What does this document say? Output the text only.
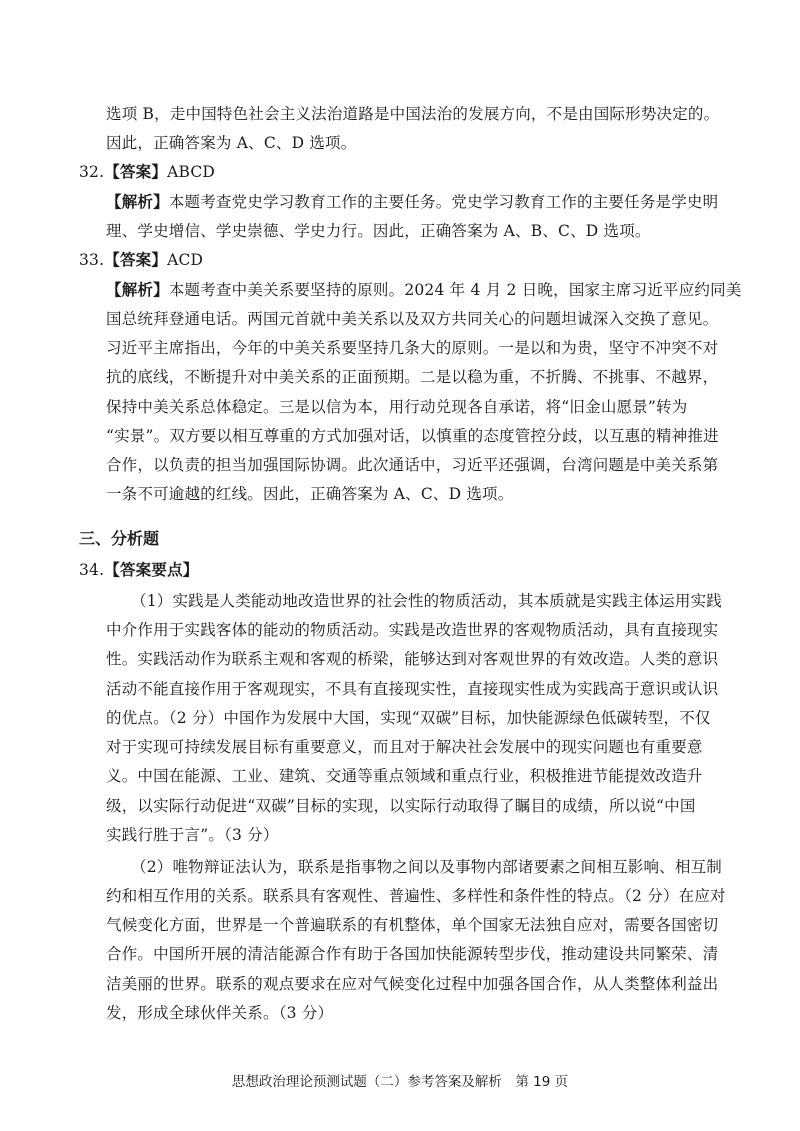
选项 B，走中国特色社会主义法治道路是中国法治的发展方向，不是由国际形势决定的。
因此，正确答案为 A、C、D 选项。
32.【答案】ABCD
【解析】本题考查党史学习教育工作的主要任务。党史学习教育工作的主要任务是学史明
理、学史增信、学史崇德、学史力行。因此，正确答案为 A、B、C、D 选项。
33.【答案】ACD
【解析】本题考查中美关系要坚持的原则。2024 年 4 月 2 日晚，国家主席习近平应约同美
国总统拜登通电话。两国元首就中美关系以及双方共同关心的问题坦诚深入交换了意见。
习近平主席指出，今年的中美关系要坚持几条大的原则。一是以和为贵，坚守不冲突不对
抗的底线，不断提升对中美关系的正面预期。二是以稳为重，不折腾、不挑事、不越界，
保持中美关系总体稳定。三是以信为本，用行动兑现各自承诺，将“旧金山愿景”转为
“实景”。双方要以相互尊重的方式加强对话，以慎重的态度管控分歧，以互惠的精神推进
合作，以负责的担当加强国际协调。此次通话中，习近平还强调，台湾问题是中美关系第
一条不可逾越的红线。因此，正确答案为 A、C、D 选项。
三、分析题
34.【答案要点】
（1）实践是人类能动地改造世界的社会性的物质活动，其本质就是实践主体运用实践
中介作用于实践客体的能动的物质活动。实践是改造世界的客观物质活动，具有直接现实
性。实践活动作为联系主观和客观的桥梁，能够达到对客观世界的有效改造。人类的意识
活动不能直接作用于客观现实，不具有直接现实性，直接现实性成为实践高于意识或认识
的优点。（2 分）中国作为发展中大国，实现“双碳”目标，加快能源绿色低碳转型，不仅
对于实现可持续发展目标有重要意义，而且对于解决社会发展中的现实问题也有重要意
义。中国在能源、工业、建筑、交通等重点领域和重点行业，积极推进节能提效改造升
级，以实际行动促进“双碳”目标的实现，以实际行动取得了瞩目的成绩，所以说“中国
实践行胜于言”。（3 分）
（2）唯物辩证法认为，联系是指事物之间以及事物内部诸要素之间相互影响、相互制
约和相互作用的关系。联系具有客观性、普遍性、多样性和条件性的特点。（2 分）在应对
气候变化方面，世界是一个普遍联系的有机整体，单个国家无法独自应对，需要各国密切
合作。中国所开展的清洁能源合作有助于各国加快能源转型步伐，推动建设共同繁荣、清
洁美丽的世界。联系的观点要求在应对气候变化过程中加强各国合作，从人类整体利益出
发，形成全球伙伴关系。（3 分）
思想政治理论预测试题（二）参考答案及解析　第 19 页
